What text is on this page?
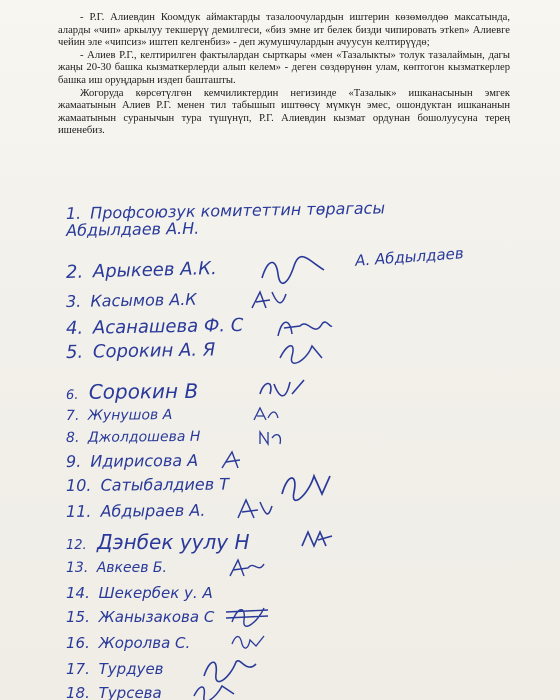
- Р.Г. Алиевдин Коомдук аймактарды тазалоочулардын иштерин көзөмөлдөө максатында, аларды «чип» аркылуу текшерүү демилгеси, «биз эмне ит белек бизди чипировать этken» Алиевге чейин эле «чипсиз» иштеп келгенбиз» - деп жумушчулардын ачуусун келтирүүдө;

- Алиев Р.Г., келтирилген фактылардан сырткары «мен «Тазалыкты» толук тазалаймын, дагы жаңы 20-30 башка кызматкерлерди алып келем» - деген сөздөрүнөн улам, көптогон кызматкерлер башка иш оруңдарын издеп башташты.

Жогоруда көрсөтүлгөн кемчиликтердин негизинде «Тазалык» ишканасынын эмгек жамаатынын Алиев Р.Г. менен тил табышып иштөөсү мүмкүн эмес, ошондуктан ишкананын жамаатынын суранычын тура түшүнүп, Р.Г. Алиевдин кызмат ордунан бошолуусуна терең ишенебиз.

1. Профсоюзук комитеттин төрагасы Абдылдаев А.Н.
А. Абдылдаев
2. Арыкеев А.К.
3. Касымов А.К
4. Асанашева Ф. С
5. Сорокин А. Я
6. Сорокин В
7. Жунушов А
8. Джолдошева Н
9. Идирисова А
10. Сатыбалдиев Т
11. Абдыраев А.
12. Дэнбек уулу Н
13. Авкеев Б.
14. Шекербек у. А
15. Жанызакова С
16. Жоролва С.
17. Турдуев
18. Турсева
